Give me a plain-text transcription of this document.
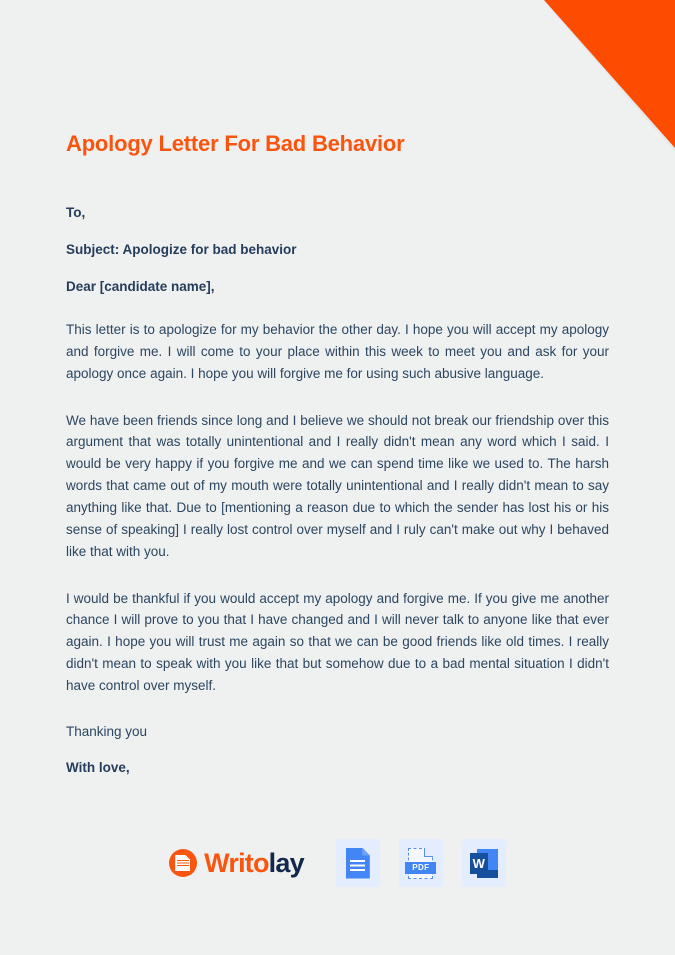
Apology Letter For Bad Behavior

To,

Subject: Apologize for bad behavior

Dear [candidate name],

This letter is to apologize for my behavior the other day. I hope you will accept my apology and forgive me. I will come to your place within this week to meet you and ask for your apology once again. I hope you will forgive me for using such abusive language.

We have been friends since long and I believe we should not break our friendship over this argument that was totally unintentional and I really didn't mean any word which I said. I would be very happy if you forgive me and we can spend time like we used to. The harsh words that came out of my mouth were totally unintentional and I really didn't mean to say anything like that. Due to [mentioning a reason due to which the sender has lost his or his sense of speaking] I really lost control over myself and I ruly can't make out why I behaved like that with you.

I would be thankful if you would accept my apology and forgive me. If you give me another chance I will prove to you that I have changed and I will never talk to anyone like that ever again. I hope you will trust me again so that we can be good friends like old times. I really didn't mean to speak with you like that but somehow due to a bad mental situation I didn't have control over myself.

Thanking you

With love,

Writolay	PDF	W
